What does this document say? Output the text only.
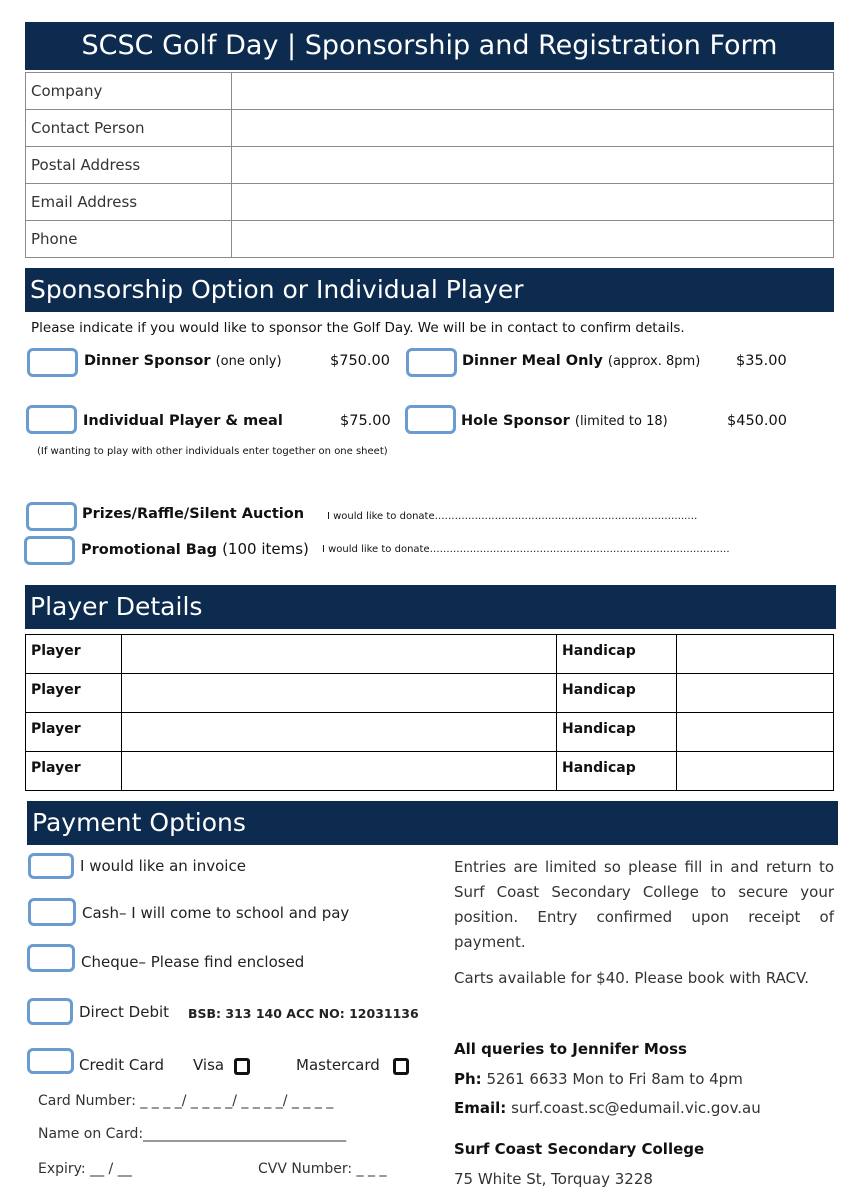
SCSC Golf Day | Sponsorship and Registration Form
Company	
Contact Person	
Postal Address	
Email Address	
Phone	
Sponsorship Option or Individual Player
Please indicate if you would like to sponsor the Golf Day. We will be in contact to confirm details.
Dinner Sponsor (one only)	$750.00	Dinner Meal Only (approx. 8pm) $35.00
Individual Player & meal	$75.00	Hole Sponsor (limited to 18)	$450.00
(If wanting to play with other individuals enter together on one sheet)
Prizes/Raffle/Silent Auction I would like to donate……………………………………………………..…………..…
Promotional Bag (100 items) I would like to donate………………………………………………………………………………
Player Details
Player		Handicap	
Player		Handicap	
Player		Handicap	
Player		Handicap	
Payment Options
I would like an invoice
Cash– I will come to school and pay
Cheque– Please find enclosed
Direct Debit BSB: 313 140 ACC NO: 12031136
Credit Card Visa	Mastercard
Card Number: _ _ _ _/ _ _ _ _/ _ _ _ _/ _ _ _ _
Name on Card:_____________________________
Expiry: __ / __	CVV Number: _ _ _
Entries are limited so please fill in and return to Surf Coast Secondary College to secure your position. Entry confirmed upon receipt of payment.
Carts available for $40. Please book with RACV.
All queries to Jennifer Moss
Ph: 5261 6633 Mon to Fri 8am to 4pm
Email: surf.coast.sc@edumail.vic.gov.au
Surf Coast Secondary College
75 White St, Torquay 3228
